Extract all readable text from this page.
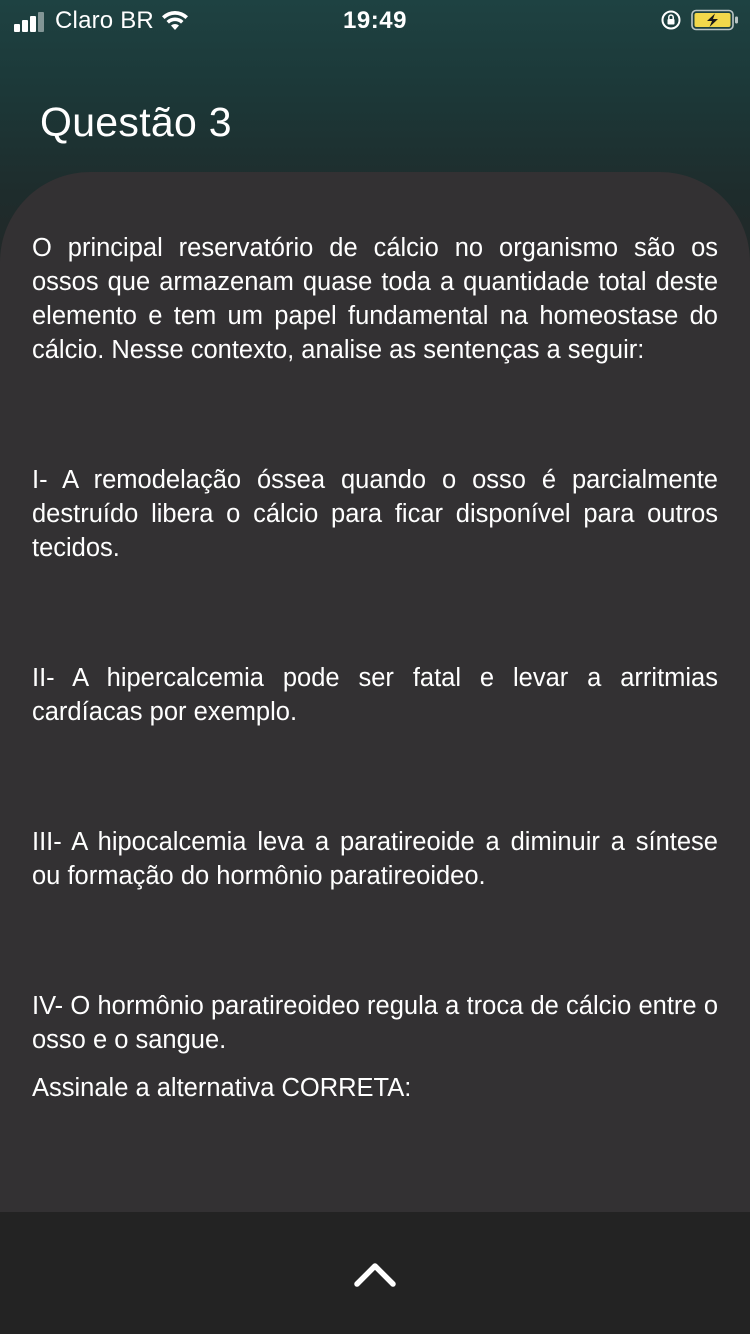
Claro BR	19:49
Questão 3

O principal reservatório de cálcio no organismo são os ossos que armazenam quase toda a quantidade total deste elemento e tem um papel fundamental na homeostase do cálcio. Nesse contexto, analise as sentenças a seguir:

I- A remodelação óssea quando o osso é parcialmente destruído libera o cálcio para ficar disponível para outros tecidos.

II- A hipercalcemia pode ser fatal e levar a arritmias cardíacas por exemplo.

III- A hipocalcemia leva a paratireoide a diminuir a síntese ou formação do hormônio paratireoideo.

IV- O hormônio paratireoideo regula a troca de cálcio entre o osso e o sangue.

Assinale a alternativa CORRETA:
